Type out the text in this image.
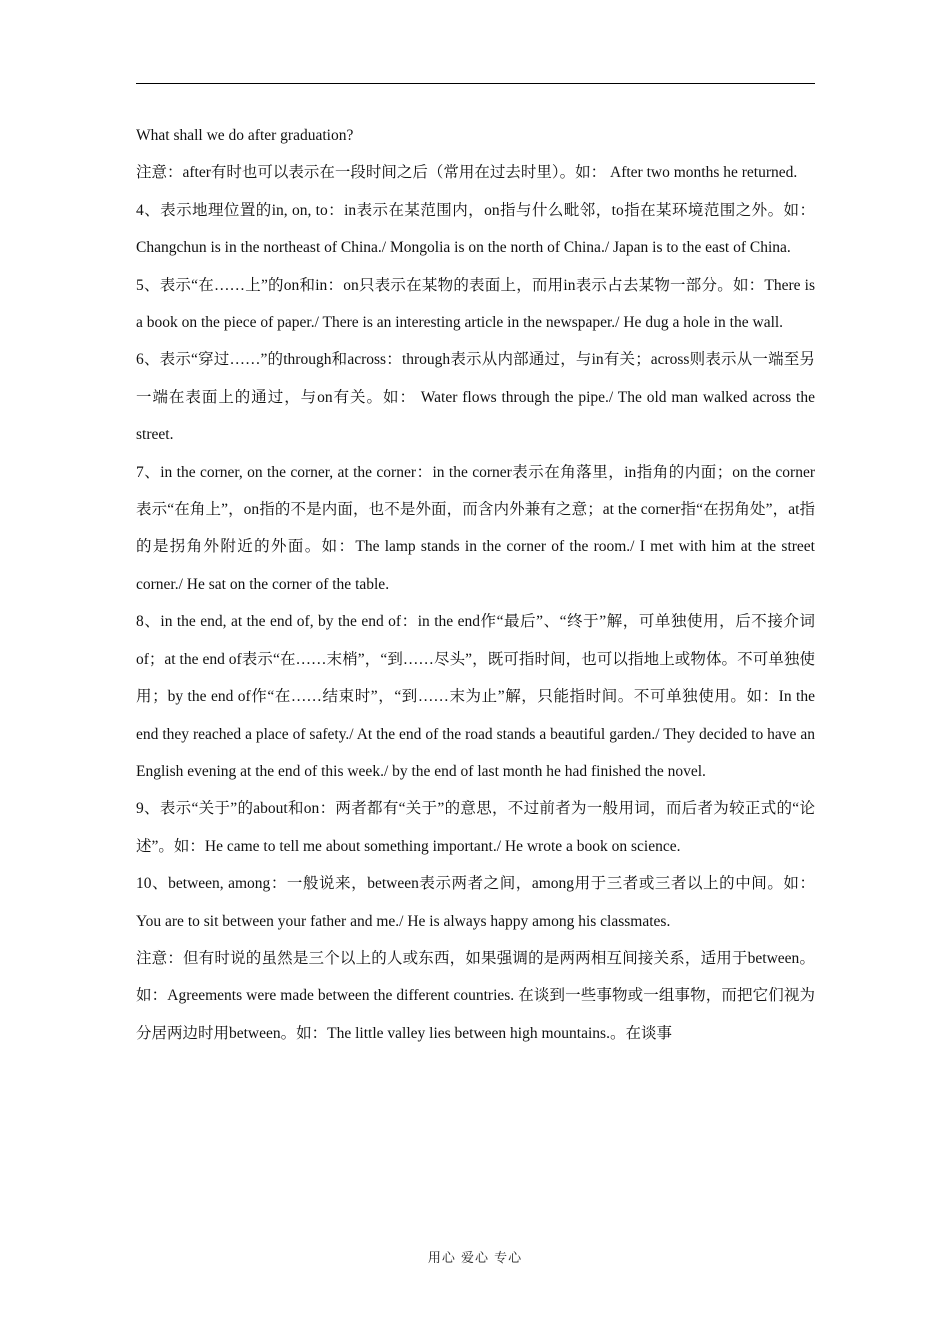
What shall we do after graduation?

注意：after有时也可以表示在一段时间之后（常用在过去时里）。如： After two months he returned.

4、表示地理位置的in, on, to：in表示在某范围内，on指与什么毗邻，to指在某环境范围之外。如：Changchun is in the northeast of China./ Mongolia is on the north of China./ Japan is to the east of China.

5、表示“在……上”的on和in：on只表示在某物的表面上，而用in表示占去某物一部分。如：There is a book on the piece of paper./ There is an interesting article in the newspaper./ He dug a hole in the wall.

6、表示“穿过……”的through和across：through表示从内部通过，与in有关；across则表示从一端至另一端在表面上的通过，与on有关。如： Water flows through the pipe./ The old man walked across the street.

7、in the corner, on the corner, at the corner：in the corner表示在角落里，in指角的内面；on the corner表示“在角上”，on指的不是内面，也不是外面，而含内外兼有之意；at the corner指“在拐角处”，at指的是拐角外附近的外面。如：The lamp stands in the corner of the room./ I met with him at the street corner./ He sat on the corner of the table.

8、in the end, at the end of, by the end of：in the end作“最后”、“终于”解，可单独使用，后不接介词of；at the end of表示“在……末梢”，“到……尽头”，既可指时间，也可以指地上或物体。不可单独使用；by the end of作“在……结束时”，“到……末为止”解，只能指时间。不可单独使用。如：In the end they reached a place of safety./ At the end of the road stands a beautiful garden./ They decided to have an English evening at the end of this week./ by the end of last month he had finished the novel.

9、表示“关于”的about和on：两者都有“关于”的意思，不过前者为一般用词，而后者为较正式的“论述”。如：He came to tell me about something important./ He wrote a book on science.

10、between, among：一般说来，between表示两者之间，among用于三者或三者以上的中间。如：You are to sit between your father and me./ He is always happy among his classmates.

注意：但有时说的虽然是三个以上的人或东西，如果强调的是两两相互间接关系，适用于between。如：Agreements were made between the different countries. 在谈到一些事物或一组事物，而把它们视为分居两边时用between。如：The little valley lies between high mountains.。在谈事

用心 爱心 专心
